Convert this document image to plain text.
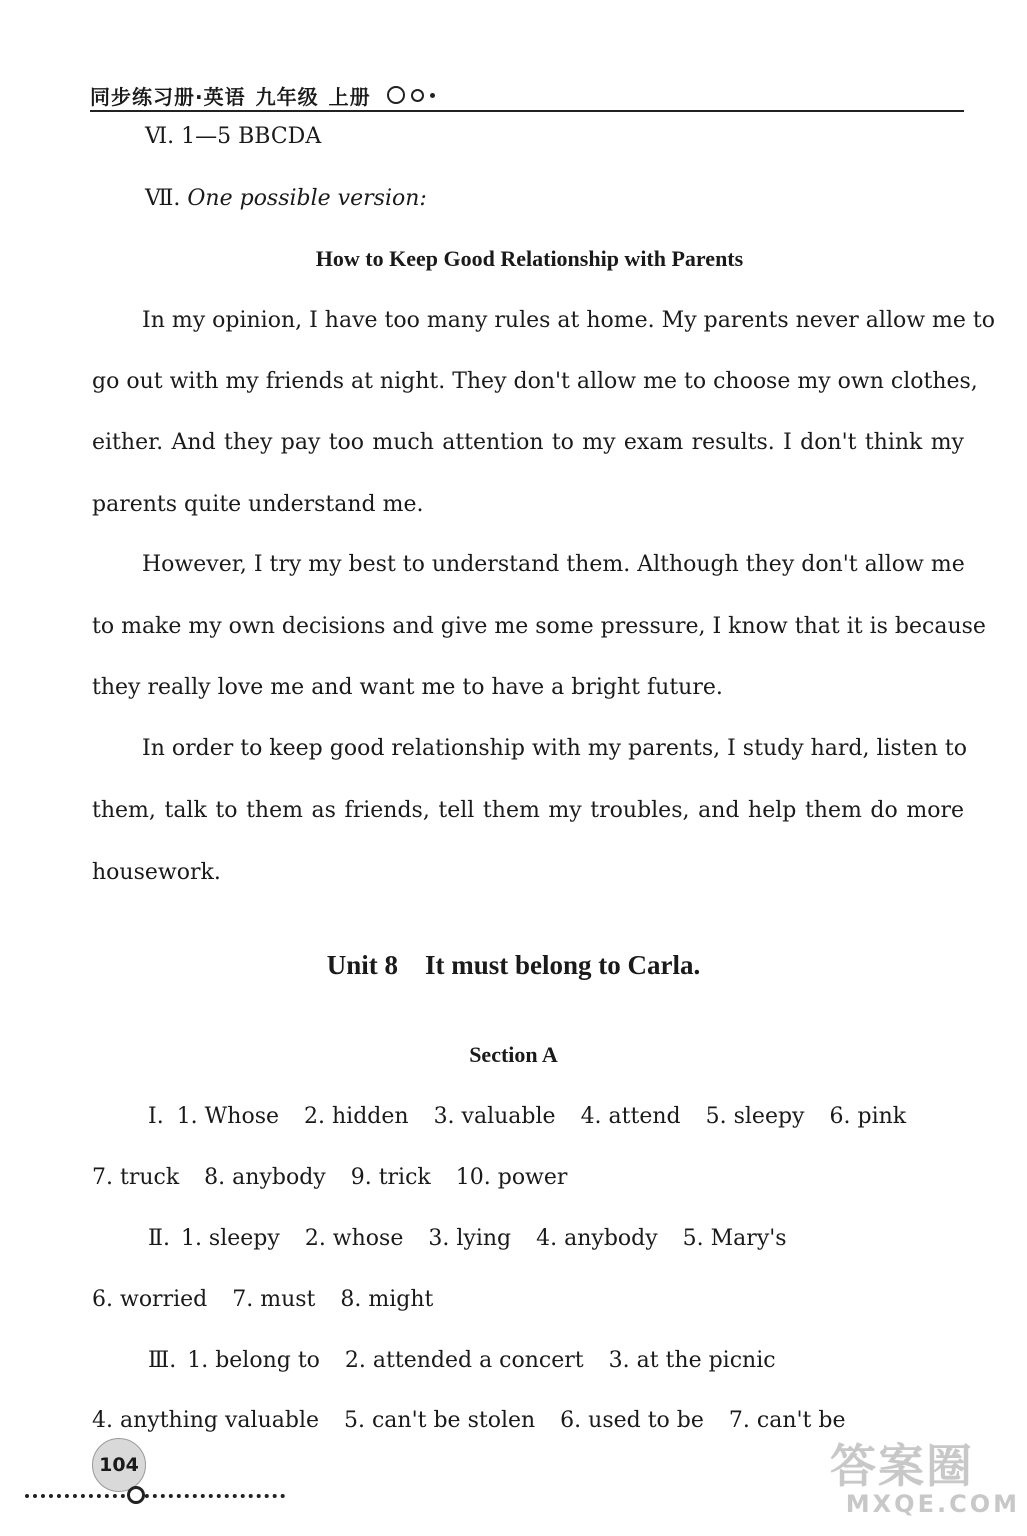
同步练习册·英语 九年级 上册
Ⅵ. 1—5 BBCDA
Ⅶ. One possible version:
How to Keep Good Relationship with Parents
In my opinion, I have too many rules at home. My parents never allow me to
go out with my friends at night. They don't allow me to choose my own clothes,
either. And they pay too much attention to my exam results. I don't think my
parents quite understand me.
However, I try my best to understand them. Although they don't allow me
to make my own decisions and give me some pressure, I know that it is because
they really love me and want me to have a bright future.
In order to keep good relationship with my parents, I study hard, listen to
them, talk to them as friends, tell them my troubles, and help them do more
housework.
Unit 8    It must belong to Carla.
Section A
Ⅰ. 1. Whose 2. hidden 3. valuable 4. attend 5. sleepy 6. pink
7. truck 8. anybody 9. trick 10. power
Ⅱ. 1. sleepy 2. whose 3. lying 4. anybody 5. Mary's
6. worried 7. must 8. might
Ⅲ. 1. belong to 2. attended a concert 3. at the picnic
4. anything valuable 5. can't be stolen 6. used to be 7. can't be
104	答案圈
MXQE.COM
